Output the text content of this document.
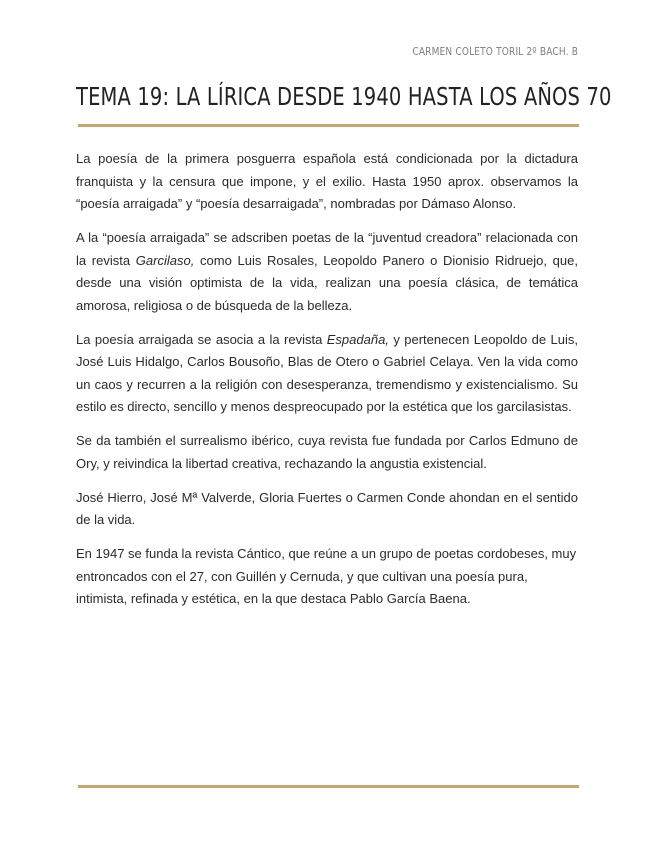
CARMEN COLETO TORIL 2º BACH. B
TEMA 19: LA LÍRICA DESDE 1940 HASTA LOS AÑOS 70

La poesía de la primera posguerra española está condicionada por la dictadura franquista y la censura que impone, y el exilio. Hasta 1950 aprox. observamos la “poesía arraigada” y “poesía desarraigada”, nombradas por Dámaso Alonso.

A la “poesía arraigada” se adscriben poetas de la “juventud creadora” relacionada con la revista Garcilaso, como Luis Rosales, Leopoldo Panero o Dionisio Ridruejo, que, desde una visión optimista de la vida, realizan una poesía clásica, de temática amorosa, religiosa o de búsqueda de la belleza.

La poesía arraigada se asocia a la revista Espadaña, y pertenecen Leopoldo de Luis, José Luis Hidalgo, Carlos Bousoño, Blas de Otero o Gabriel Celaya. Ven la vida como un caos y recurren a la religión con desesperanza, tremendismo y existencialismo. Su estilo es directo, sencillo y menos despreocupado por la estética que los garcilasistas.

Se da también el surrealismo ibérico, cuya revista fue fundada por Carlos Edmuno de Ory, y reivindica la libertad creativa, rechazando la angustia existencial.

José Hierro, José Mª Valverde, Gloria Fuertes o Carmen Conde ahondan en el sentido de la vida.

En 1947 se funda la revista Cántico, que reúne a un grupo de poetas cordobeses, muy entroncados con el 27, con Guillén y Cernuda, y que cultivan una poesía pura, intimista, refinada y estética, en la que destaca Pablo García Baena.
